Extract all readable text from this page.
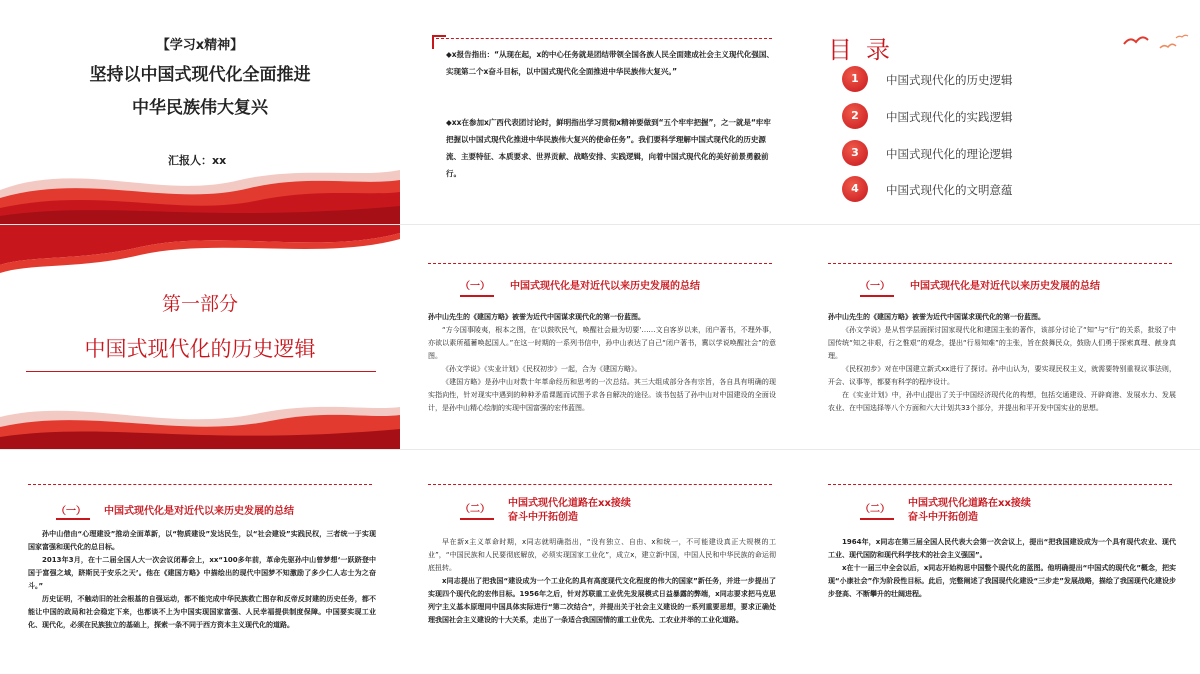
【学习x精神】
坚持以中国式现代化全面推进
中华民族伟大复兴
汇报人：xx
◆x报告指出：“从现在起，x的中心任务就是团结带领全国各族人民全面建成社会主义现代化强国、实现第二个x奋斗目标，以中国式现代化全面推进中华民族伟大复兴。”
◆xx在参加x广西代表团讨论时，鲜明指出学习贯彻x精神要做到“五个牢牢把握”，之一就是“牢牢把握以中国式现代化推进中华民族伟大复兴的使命任务”。我们要科学理解中国式现代化的历史源流、主要特征、本质要求、世界贡献、战略安排、实践逻辑，向着中国式现代化的美好前景勇毅前行。
目录
1	中国式现代化的历史逻辑
2	中国式现代化的实践逻辑
3	中国式现代化的理论逻辑
4	中国式现代化的文明意蕴
第一部分
中国式现代化的历史逻辑
（一） 中国式现代化是对近代以来历史发展的总结

孙中山先生的《建国方略》被誉为近代中国谋求现代化的第一份蓝图。

“方今国事陵夷，根本之图，在‘以鼓吹民气，唤醒社会最为切要’……文自客岁以来，闭户著书，不理外事，亦欲以素所蕴蓄唤起国人。”在这一时期的一系列书信中，孙中山表达了自己“闭户著书，冀以学说唤醒社会”的意图。

《孙文学说》《实业计划》《民权初步》一起，合为《建国方略》。

《建国方略》是孙中山对数十年革命经历和思考的一次总结。其三大组成部分各有宗旨，各自具有明确的现实指向性，针对现实中遇到的种种矛盾课题而试图予求各自解决的途径。该书包括了孙中山对中国建设的全面设计，是孙中山精心绘制的实现中国富强的宏伟蓝图。

（一） 中国式现代化是对近代以来历史发展的总结

孙中山先生的《建国方略》被誉为近代中国谋求现代化的第一份蓝图。

《孙文学说》是从哲学层面探讨国家现代化和建国主张的著作，该部分讨论了“知”与“行”的关系，批驳了中国传统“知之非艰，行之惟艰”的观念，提出“行易知难”的主张，旨在鼓舞民众，鼓励人们勇于探索真理、献身真理。

《民权初步》对在中国建立新式xx进行了探讨。孙中山认为，要实现民权主义，就需要特别重视议事法则，开会、议事等，都要有科学的程序设计。

在《实业计划》中，孙中山提出了关于中国经济现代化的构想，包括交通建设、开辟商港、发展水力、发展农业、在中国选择等八个方面和六大计划共33个部分，并提出和平开发中国实业的思想。

（一） 中国式现代化是对近代以来历史发展的总结

孙中山借由“心理建设”推动全面革新，以“物质建设”发达民生，以“社会建设”实践民权，三者统一于实现国家富强和现代化的总目标。

2013年3月，在十二届全国人大一次会议闭幕会上，xx“100多年前，革命先驱孙中山曾梦想‘一跃跻登中国于富强之域，跻斯民于安乐之天’。他在《建国方略》中描绘出的现代中国梦不知激励了多少仁人志士为之奋斗。”

历史证明，不触动旧的社会根基的自强运动，都不能完成中华民族救亡图存和反帝反封建的历史任务，都不能让中国的政局和社会稳定下来，也都谈不上为中国实现国家富强、人民幸福提供制度保障。中国要实现工业化、现代化，必须在民族独立的基础上，探索一条不同于西方资本主义现代化的道路。

（二）
中国式现代化道路在xx接续
奋斗中开拓创造

早在新x主义革命时期，x同志就明确指出，“没有独立、自由、x和统一，不可能建设真正大规模的工业”，“中国民族和人民要彻底解放，必须实现国家工业化”，成立x，建立新中国，中国人民和中华民族的命运彻底扭转。

x同志提出了把我国“建设成为一个工业化的具有高度现代文化程度的伟大的国家”新任务，并进一步提出了实现四个现代化的宏伟目标。1956年之后，针对苏联重工业优先发展模式日益暴露的弊端，x同志要求把马克思列宁主义基本原理同中国具体实际进行“第二次结合”，并提出关于社会主义建设的一系列重要思想，要求正确处理我国社会主义建设的十大关系，走出了一条适合我国国情的重工业优先、工农业并举的工业化道路。

（二）
中国式现代化道路在xx接续
奋斗中开拓创造

1964年，x同志在第三届全国人民代表大会第一次会议上，提出“把我国建设成为一个具有现代农业、现代工业、现代国防和现代科学技术的社会主义强国”。

x在十一届三中全会以后，x同志开始构思中国整个现代化的蓝图。他明确提出“中国式的现代化”概念，把实现“小康社会”作为阶段性目标。此后，完整阐述了我国现代化建设“三步走”发展战略，描绘了我国现代化建设步步登高、不断攀升的壮阔进程。
